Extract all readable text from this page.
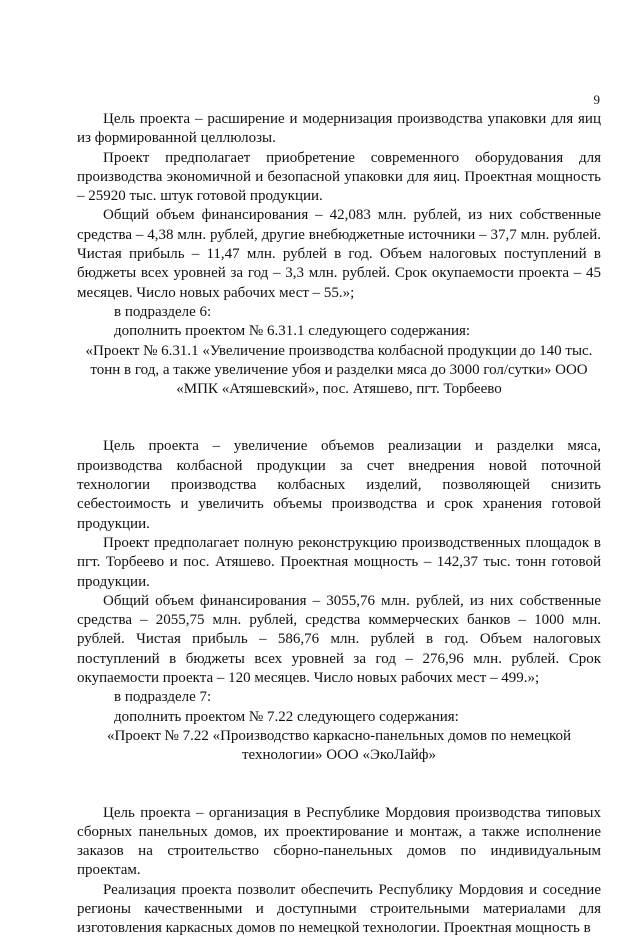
9

Цель проекта – расширение и модернизация производства упаковки для яиц из формированной целлюлозы.

Проект предполагает приобретение современного оборудования для производства экономичной и безопасной упаковки для яиц. Проектная мощность – 25920 тыс. штук готовой продукции.

Общий объем финансирования – 42,083 млн. рублей, из них собственные средства – 4,38 млн. рублей, другие внебюджетные источники – 37,7 млн. рублей. Чистая прибыль – 11,47 млн. рублей в год. Объем налоговых поступлений в бюджеты всех уровней за год – 3,3 млн. рублей. Срок окупаемости проекта – 45 месяцев. Число новых рабочих мест – 55.»;

в подразделе 6:

дополнить проектом № 6.31.1 следующего содержания:

«Проект № 6.31.1 «Увеличение производства колбасной продукции до 140 тыс. тонн в год, а также увеличение убоя и разделки мяса до 3000 гол/сутки» ООО «МПК «Атяшевский», пос. Атяшево, пгт. Торбеево

Цель проекта – увеличение объемов реализации и разделки мяса, производства колбасной продукции за счет внедрения новой поточной технологии производства колбасных изделий, позволяющей снизить себестоимость и увеличить объемы производства и срок хранения готовой продукции.

Проект предполагает полную реконструкцию производственных площадок в пгт. Торбеево и пос. Атяшево. Проектная мощность – 142,37 тыс. тонн готовой продукции.

Общий объем финансирования – 3055,76 млн. рублей, из них собственные средства – 2055,75 млн. рублей, средства коммерческих банков – 1000 млн. рублей. Чистая прибыль – 586,76 млн. рублей в год. Объем налоговых поступлений в бюджеты всех уровней за год – 276,96 млн. рублей. Срок окупаемости проекта – 120 месяцев. Число новых рабочих мест – 499.»;

в подразделе 7:

дополнить проектом № 7.22 следующего содержания:

«Проект № 7.22 «Производство каркасно-панельных домов по немецкой технологии» ООО «ЭкоЛайф»

Цель проекта – организация в Республике Мордовия производства типовых сборных панельных домов, их проектирование и монтаж, а также исполнение заказов на строительство сборно-панельных домов по индивидуальным проектам.

Реализация проекта позволит обеспечить Республику Мордовия и соседние регионы качественными и доступными строительными материалами для изготовления каркасных домов по немецкой технологии. Проектная мощность в
